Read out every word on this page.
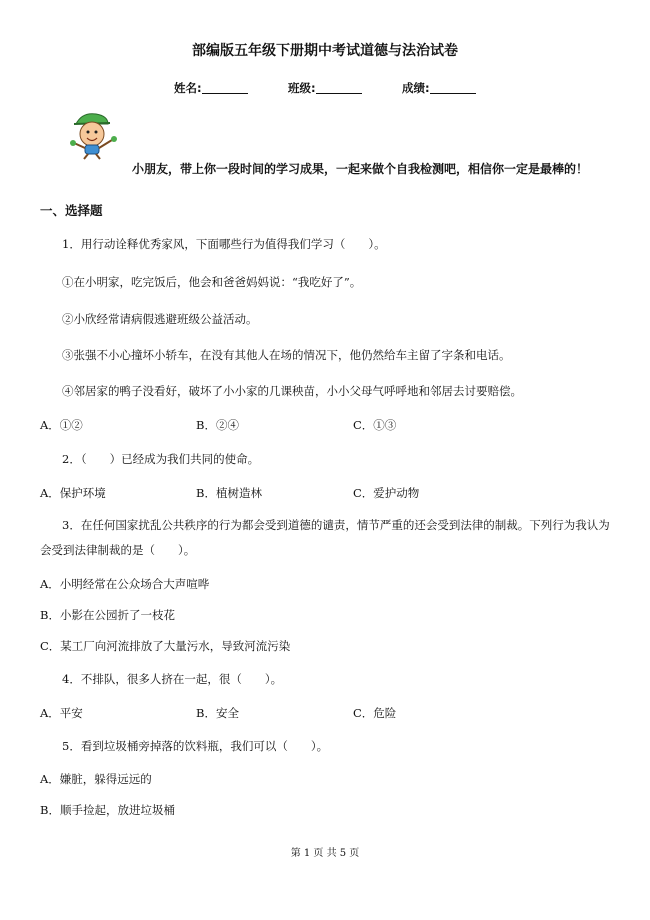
部编版五年级下册期中考试道德与法治试卷
姓名:	班级:	成绩:
小朋友，带上你一段时间的学习成果，一起来做个自我检测吧，相信你一定是最棒的！
一、选择题
1．用行动诠释优秀家风，下面哪些行为值得我们学习（　　）。
①在小明家，吃完饭后，他会和爸爸妈妈说：“我吃好了”。
②小欣经常请病假逃避班级公益活动。
③张强不小心撞坏小轿车，在没有其他人在场的情况下，他仍然给车主留了字条和电话。
④邻居家的鸭子没看好，破坏了小小家的几课秧苗，小小父母气呼呼地和邻居去讨要赔偿。
A．①②	B．②④	C．①③
2．（　　）已经成为我们共同的使命。
A．保护环境	B．植树造林	C．爱护动物
3．在任何国家扰乱公共秩序的行为都会受到道德的谴责，情节严重的还会受到法律的制裁。下列行为我认为
会受到法律制裁的是（　　）。
A．小明经常在公众场合大声喧哗
B．小影在公园折了一枝花
C．某工厂向河流排放了大量污水，导致河流污染
4．不排队，很多人挤在一起，很（　　）。
A．平安	B．安全	C．危险
5．看到垃圾桶旁掉落的饮料瓶，我们可以（　　）。
A．嫌脏，躲得远远的
B．顺手捡起，放进垃圾桶
第 1 页 共 5 页
